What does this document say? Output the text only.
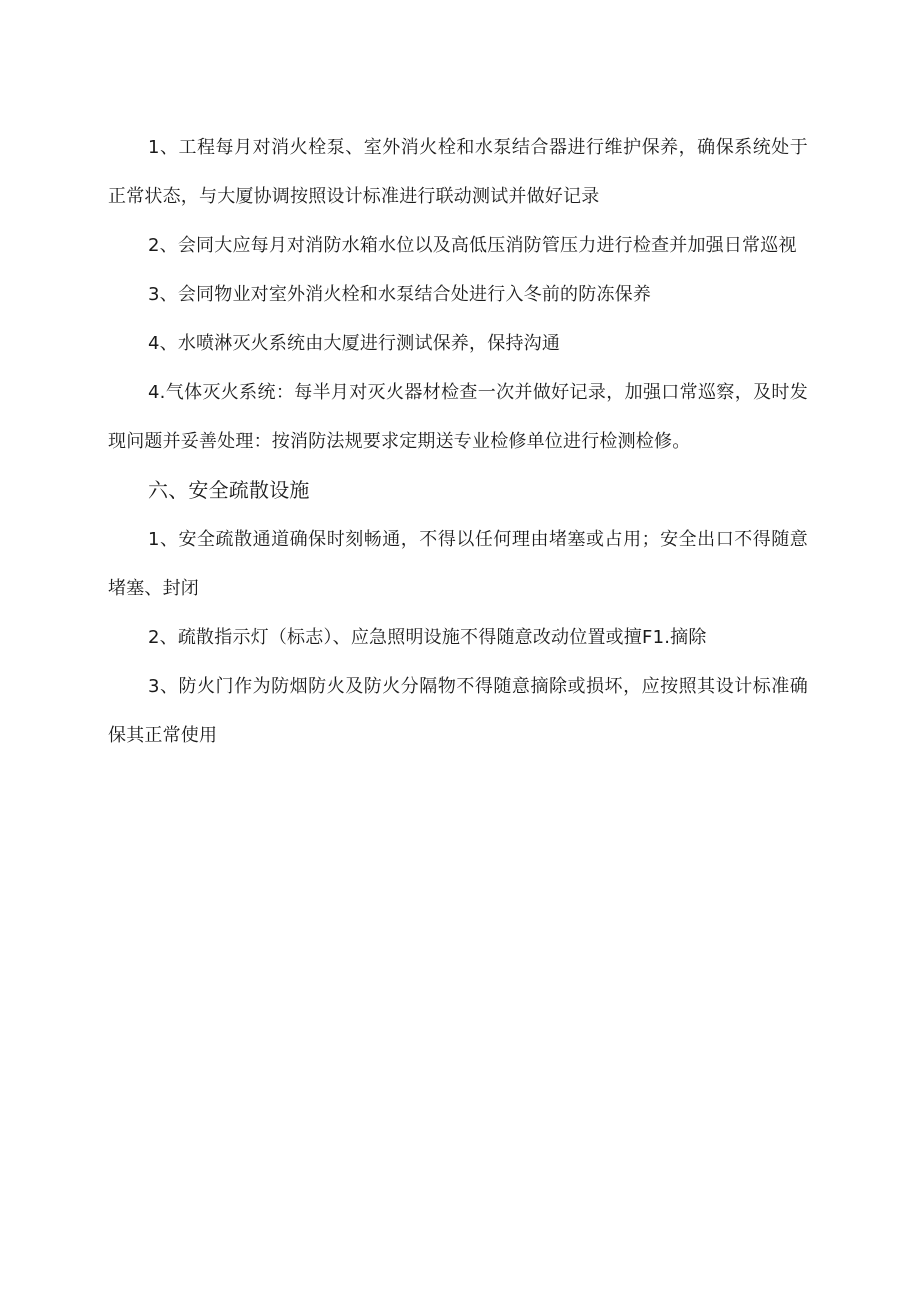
1、工程每月对消火栓泵、室外消火栓和水泵结合器进行维护保养，确保系统处于正常状态，与大厦协调按照设计标准进行联动测试并做好记录

2、会同大应每月对消防水箱水位以及高低压消防管压力进行检查并加强日常巡视

3、会同物业对室外消火栓和水泵结合处进行入冬前的防冻保养

4、水喷淋灭火系统由大厦进行测试保养，保持沟通

4.气体灭火系统：每半月对灭火器材检查一次并做好记录，加强口常巡察，及时发现问题并妥善处理：按消防法规要求定期送专业检修单位进行检测检修。

六、安全疏散设施

1、安全疏散通道确保时刻畅通，不得以任何理由堵塞或占用；安全出口不得随意堵塞、封闭

2、疏散指示灯（标志）、应急照明设施不得随意改动位置或擅F1.摘除

3、防火门作为防烟防火及防火分隔物不得随意摘除或损坏，应按照其设计标准确保其正常使用
